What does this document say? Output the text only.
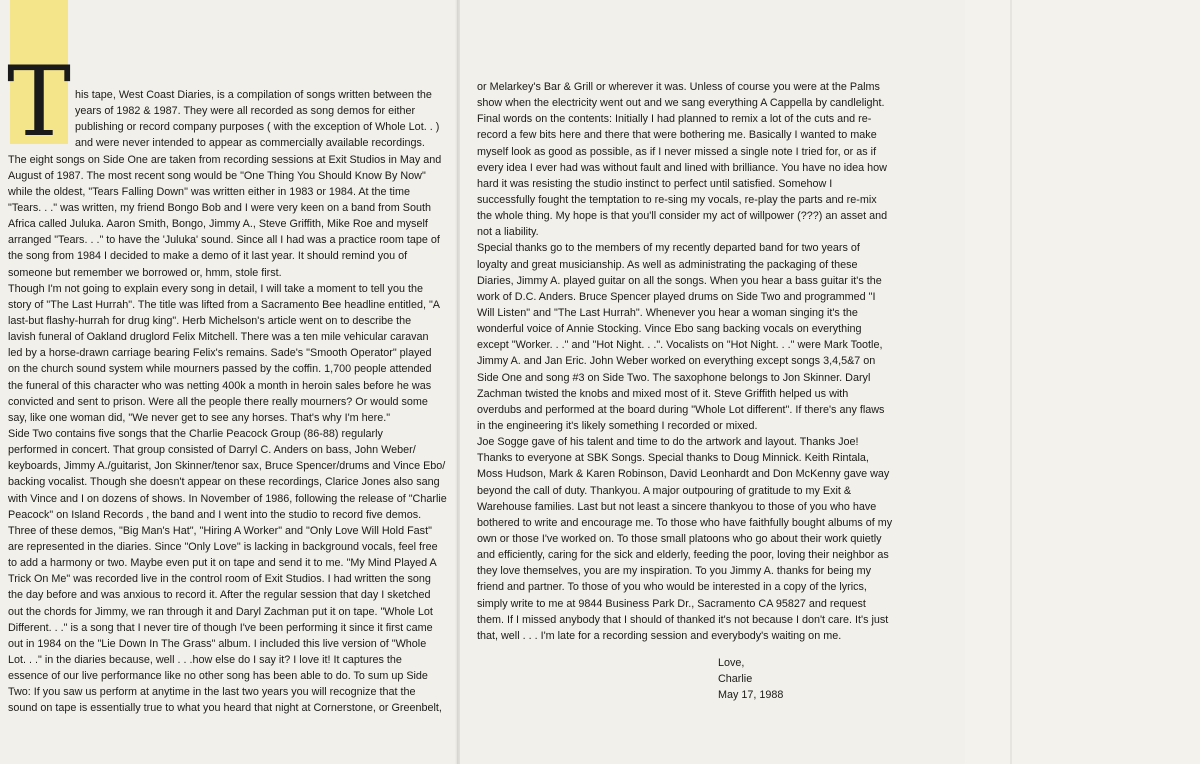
T his tape, West Coast Diaries, is a compilation of songs written between the
years of 1982 & 1987. They were all recorded as song demos for either
publishing or record company purposes ( with the exception of Whole Lot. . )
and were never intended to appear as commercially available recordings.
The eight songs on Side One are taken from recording sessions at Exit Studios in May and
August of 1987. The most recent song would be "One Thing You Should Know By Now"
while the oldest, "Tears Falling Down" was written either in 1983 or 1984. At the time
"Tears. . ." was written, my friend Bongo Bob and I were very keen on a band from South
Africa called Juluka. Aaron Smith, Bongo, Jimmy A., Steve Griffith, Mike Roe and myself
arranged "Tears. . ." to have the 'Juluka' sound. Since all I had was a practice room tape of
the song from 1984 I decided to make a demo of it last year. It should remind you of
someone but remember we borrowed or, hmm, stole first.
Though I'm not going to explain every song in detail, I will take a moment to tell you the
story of "The Last Hurrah". The title was lifted from a Sacramento Bee headline entitled, "A
last-but flashy-hurrah for drug king". Herb Michelson's article went on to describe the
lavish funeral of Oakland druglord Felix Mitchell. There was a ten mile vehicular caravan
led by a horse-drawn carriage bearing Felix's remains. Sade's "Smooth Operator" played
on the church sound system while mourners passed by the coffin. 1,700 people attended
the funeral of this character who was netting 400k a month in heroin sales before he was
convicted and sent to prison. Were all the people there really mourners? Or would some
say, like one woman did, "We never get to see any horses. That's why I'm here."
Side Two contains five songs that the Charlie Peacock Group (86-88) regularly
performed in concert. That group consisted of Darryl C. Anders on bass, John Weber/
keyboards, Jimmy A./guitarist, Jon Skinner/tenor sax, Bruce Spencer/drums and Vince Ebo/
backing vocalist. Though she doesn't appear on these recordings, Clarice Jones also sang
with Vince and I on dozens of shows. In November of 1986, following the release of "Charlie
Peacock" on Island Records , the band and I went into the studio to record five demos.
Three of these demos, "Big Man's Hat", "Hiring A Worker" and "Only Love Will Hold Fast"
are represented in the diaries. Since "Only Love" is lacking in background vocals, feel free
to add a harmony or two. Maybe even put it on tape and send it to me. "My Mind Played A
Trick On Me" was recorded live in the control room of Exit Studios. I had written the song
the day before and was anxious to record it. After the regular session that day I sketched
out the chords for Jimmy, we ran through it and Daryl Zachman put it on tape. "Whole Lot
Different. . ." is a song that I never tire of though I've been performing it since it first came
out in 1984 on the "Lie Down In The Grass" album. I included this live version of "Whole
Lot. . ." in the diaries because, well . . .how else do I say it? I love it! It captures the
essence of our live performance like no other song has been able to do. To sum up Side
Two: If you saw us perform at anytime in the last two years you will recognize that the
sound on tape is essentially true to what you heard that night at Cornerstone, or Greenbelt,
or Melarkey's Bar & Grill or wherever it was. Unless of course you were at the Palms
show when the electricity went out and we sang everything A Cappella by candlelight.
Final words on the contents: Initially I had planned to remix a lot of the cuts and re-
record a few bits here and there that were bothering me. Basically I wanted to make
myself look as good as possible, as if I never missed a single note I tried for, or as if
every idea I ever had was without fault and lined with brilliance. You have no idea how
hard it was resisting the studio instinct to perfect until satisfied. Somehow I
successfully fought the temptation to re-sing my vocals, re-play the parts and re-mix
the whole thing. My hope is that you'll consider my act of willpower (???) an asset and
not a liability.
Special thanks go to the members of my recently departed band for two years of
loyalty and great musicianship. As well as administrating the packaging of these
Diaries, Jimmy A. played guitar on all the songs. When you hear a bass guitar it's the
work of D.C. Anders. Bruce Spencer played drums on Side Two and programmed "I
Will Listen" and "The Last Hurrah". Whenever you hear a woman singing it's the
wonderful voice of Annie Stocking. Vince Ebo sang backing vocals on everything
except "Worker. . ." and "Hot Night. . .". Vocalists on "Hot Night. . ." were Mark Tootle,
Jimmy A. and Jan Eric. John Weber worked on everything except songs 3,4,5&7 on
Side One and song #3 on Side Two. The saxophone belongs to Jon Skinner. Daryl
Zachman twisted the knobs and mixed most of it. Steve Griffith helped us with
overdubs and performed at the board during "Whole Lot different". If there's any flaws
in the engineering it's likely something I recorded or mixed.
Joe Sogge gave of his talent and time to do the artwork and layout. Thanks Joe!
Thanks to everyone at SBK Songs. Special thanks to Doug Minnick. Keith Rintala,
Moss Hudson, Mark & Karen Robinson, David Leonhardt and Don McKenny gave way
beyond the call of duty. Thankyou. A major outpouring of gratitude to my Exit &
Warehouse families. Last but not least a sincere thankyou to those of you who have
bothered to write and encourage me. To those who have faithfully bought albums of my
own or those I've worked on. To those small platoons who go about their work quietly
and efficiently, caring for the sick and elderly, feeding the poor, loving their neighbor as
they love themselves, you are my inspiration. To you Jimmy A. thanks for being my
friend and partner. To those of you who would be interested in a copy of the lyrics,
simply write to me at 9844 Business Park Dr., Sacramento CA 95827 and request
them. If I missed anybody that I should of thanked it's not because I don't care. It's just
that, well . . . I'm late for a recording session and everybody's waiting on me.
Love,
Charlie
May 17, 1988
